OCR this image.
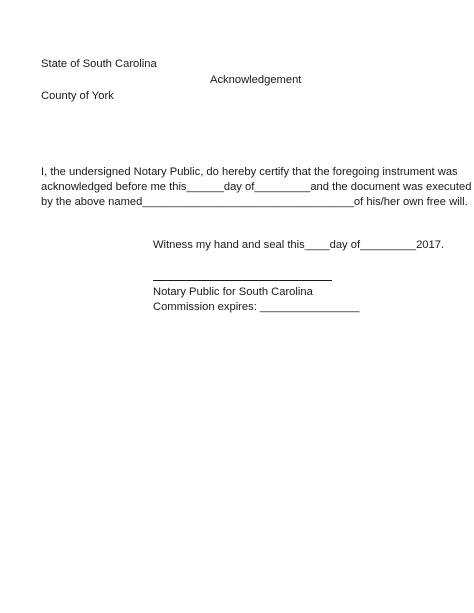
State of South Carolina
Acknowledgement
County of York
I, the undersigned Notary Public, do hereby certify that the foregoing instrument was
acknowledged before me this______day of_________and the document was executed
by the above named__________________________________of his/her own free will.
Witness my hand and seal this____day of_________2017.
Notary Public for South Carolina
Commission expires: ________________
